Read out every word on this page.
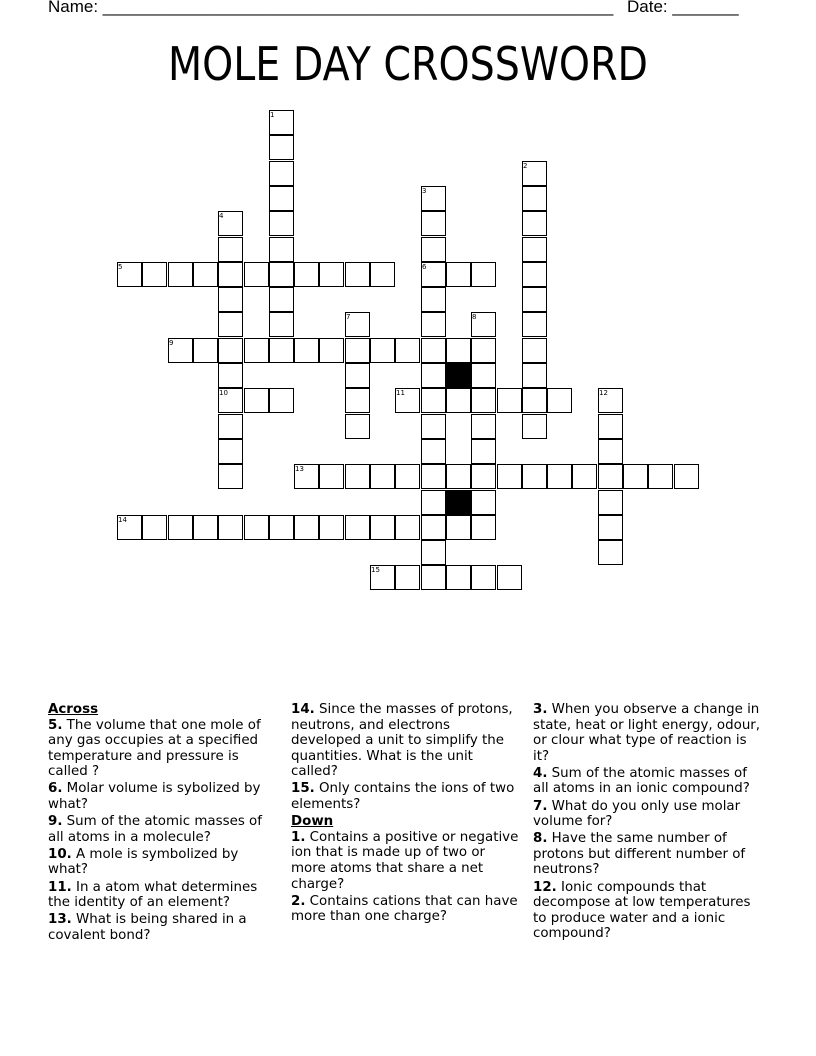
Name: ______________________________________________________ Date: _______
MOLE DAY CROSSWORD
1
2
3
4
5	6
7	8
9
10	11	12
13
14
15
Across
5. The volume that one mole of any gas occupies at a specified temperature and pressure is called ?
6. Molar volume is sybolized by what?
9. Sum of the atomic masses of all atoms in a molecule?
10. A mole is symbolized by what?
11. In a atom what determines the identity of an element?
13. What is being shared in a covalent bond?
14. Since the masses of protons, neutrons, and electrons developed a unit to simplify the quantities. What is the unit called?
15. Only contains the ions of two elements?
Down
1. Contains a positive or negative ion that is made up of two or more atoms that share a net charge?
2. Contains cations that can have more than one charge?
3. When you observe a change in state, heat or light energy, odour, or clour what type of reaction is it?
4. Sum of the atomic masses of all atoms in an ionic compound?
7. What do you only use molar volume for?
8. Have the same number of protons but different number of neutrons?
12. Ionic compounds that decompose at low temperatures to produce water and a ionic compound?
